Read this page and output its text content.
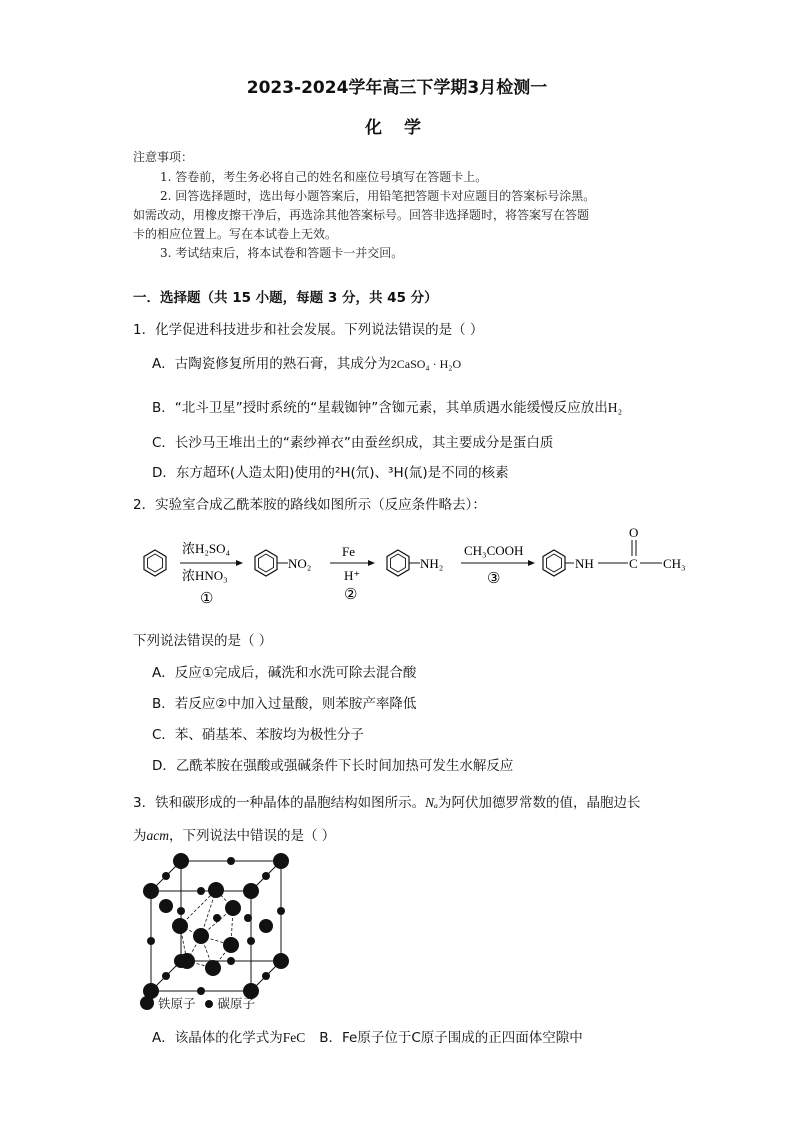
2023-2024学年高三下学期3月检测一
化 学
注意事项：
1. 答卷前，考生务必将自己的姓名和座位号填写在答题卡上。
2. 回答选择题时，选出每小题答案后，用铅笔把答题卡对应题目的答案标号涂黑。
如需改动，用橡皮擦干净后，再选涂其他答案标号。回答非选择题时，将答案写在答题
卡的相应位置上。写在本试卷上无效。
3. 考试结束后，将本试卷和答题卡一并交回。
一．选择题（共 15 小题，每题 3 分，共 45 分）
1．化学促进科技进步和社会发展。下列说法错误的是（ ）
A．古陶瓷修复所用的熟石膏，其成分为2CaSO₄ · H₂O
B．“北斗卫星”授时系统的“星载铷钟”含铷元素，其单质遇水能缓慢反应放出H₂
C．长沙马王堆出土的“素纱禅衣”由蚕丝织成，其主要成分是蛋白质
D．东方超环(人造太阳)使用的²H(氘)、³H(氚)是不同的核素
2．实验室合成乙酰苯胺的路线如图所示（反应条件略去）：
浓H₂SO₄
浓HNO₃
①
NO₂
Fe
H⁺
②
NH₂
CH₃COOH
③
NH	C
O
CH₃
下列说法错误的是（ ）
A．反应①完成后，碱洗和水洗可除去混合酸
B．若反应②中加入过量酸，则苯胺产率降低
C．苯、硝基苯、苯胺均为极性分子
D．乙酰苯胺在强酸或强碱条件下长时间加热可发生水解反应
3．铁和碳形成的一种晶体的晶胞结构如图所示。Nₐ为阿伏加德罗常数的值，晶胞边长
为acm，下列说法中错误的是（ ）
铁原子 碳原子
A．该晶体的化学式为FeC B．Fe原子位于C原子围成的正四面体空隙中
